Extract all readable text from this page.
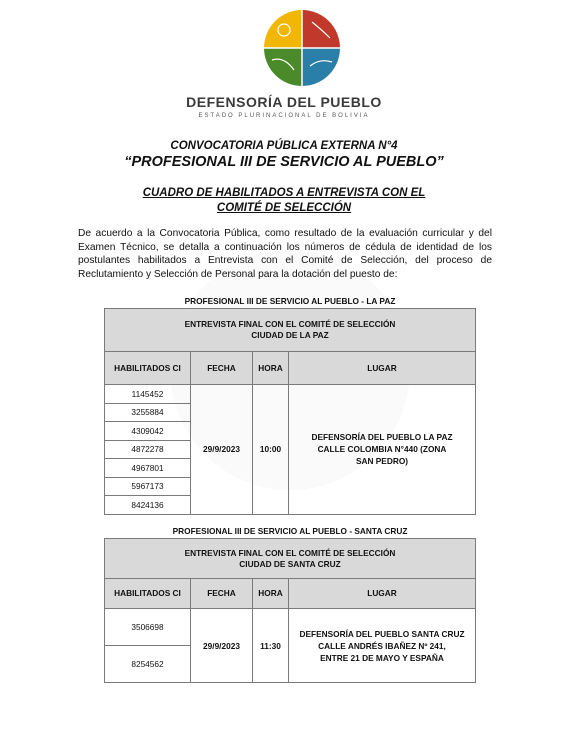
DEFENSORÍA DEL PUEBLO
ESTADO PLURINACIONAL DE BOLIVIA
CONVOCATORIA PÚBLICA EXTERNA N°4
“PROFESIONAL III DE SERVICIO AL PUEBLO”
CUADRO DE HABILITADOS A ENTREVISTA CON EL
COMITÉ DE SELECCIÓN
De acuerdo a la Convocatoria Pública, como resultado de la evaluación curricular y del Examen Técnico, se detalla a continuación los números de cédula de identidad de los postulantes habilitados a Entrevista con el Comité de Selección, del proceso de Reclutamiento y Selección de Personal para la dotación del puesto de:
PROFESIONAL III DE SERVICIO AL PUEBLO - LA PAZ
ENTREVISTA FINAL CON EL COMITÉ DE SELECCIÓN
CIUDAD DE LA PAZ			

HABILITADOS CI	FECHA	HORA	LUGAR
1145452	29/9/2023	10:00	DEFENSORÍA DEL PUEBLO LA PAZ CALLE COLOMBIA N°440 (ZONA SAN PEDRO)
3255884			
4309042			
4872278			
4967801			
5967173			
8424136			
PROFESIONAL III DE SERVICIO AL PUEBLO - SANTA CRUZ
ENTREVISTA FINAL CON EL COMITÉ DE SELECCIÓN
CIUDAD DE SANTA CRUZ			

HABILITADOS CI	FECHA	HORA	LUGAR
3506698	29/9/2023	11:30	DEFENSORÍA DEL PUEBLO SANTA CRUZ
CALLE ANDRÉS IBAÑEZ Nº 241,
ENTRE 21 DE MAYO Y ESPAÑA

8254562			
